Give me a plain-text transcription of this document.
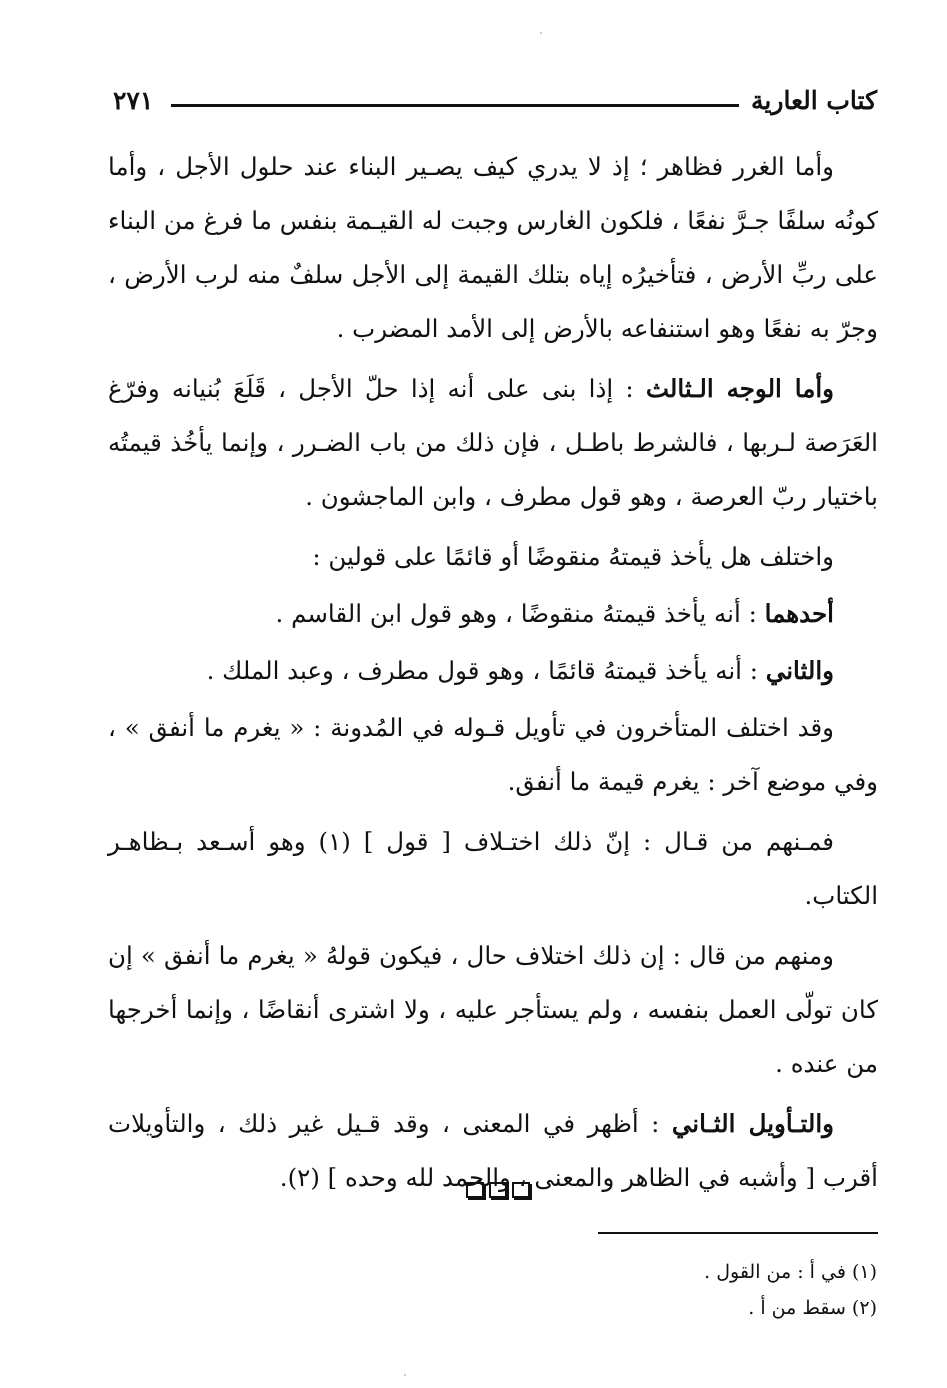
كتاب العارية
٢٧١

وأما الغرر فظاهر ؛ إذ لا يدري كيف يصـير البناء عند حلول الأجل ، وأما كونُه سلفًا جـرَّ نفعًا ، فلكون الغارس وجبت له القيـمة بنفس ما فرغ من البناء على ربِّ الأرض ، فتأخيرُه إياه بتلك القيمة إلى الأجل سلفٌ منه لرب الأرض ، وجرّ به نفعًا وهو استنفاعه بالأرض إلى الأمد المضرب .

وأما الوجه الـثالث : إذا بنى على أنه إذا حلّ الأجل ، قَلَعَ بُنيانه وفرّغ العَرَصة لـربها ، فالشرط باطـل ، فإن ذلك من باب الضـرر ، وإنما يأخُذ قيمتُه باختيار ربّ العرصة ، وهو قول مطرف ، وابن الماجشون .

واختلف هل يأخذ قيمتهُ منقوضًا أو قائمًا على قولين :

أحدهما : أنه يأخذ قيمتهُ منقوضًا ، وهو قول ابن القاسم .

والثاني : أنه يأخذ قيمتهُ قائمًا ، وهو قول مطرف ، وعبد الملك .

وقد اختلف المتأخرون في تأويل قـوله في المُدونة : « يغرم ما أنفق » ، وفي موضع آخر : يغرم قيمة ما أنفق.

فمـنهم من قـال : إنّ ذلك اختـلاف [ قول ] (١) وهو أسـعد بـظاهـر الكتاب.

ومنهم من قال : إن ذلك اختلاف حال ، فيكون قولهُ « يغرم ما أنفق » إن كان تولّى العمل بنفسه ، ولم يستأجر عليه ، ولا اشترى أنقاضًا ، وإنما أخرجها من عنده .

والتـأويل الثـاني : أظهر في المعنى ، وقد قـيل غير ذلك ، والتأويلات أقرب [ وأشبه في الظاهر والمعنى ، والحمد لله وحده ] (٢).

(١) في أ : من القول .

(٢) سقط من أ .
